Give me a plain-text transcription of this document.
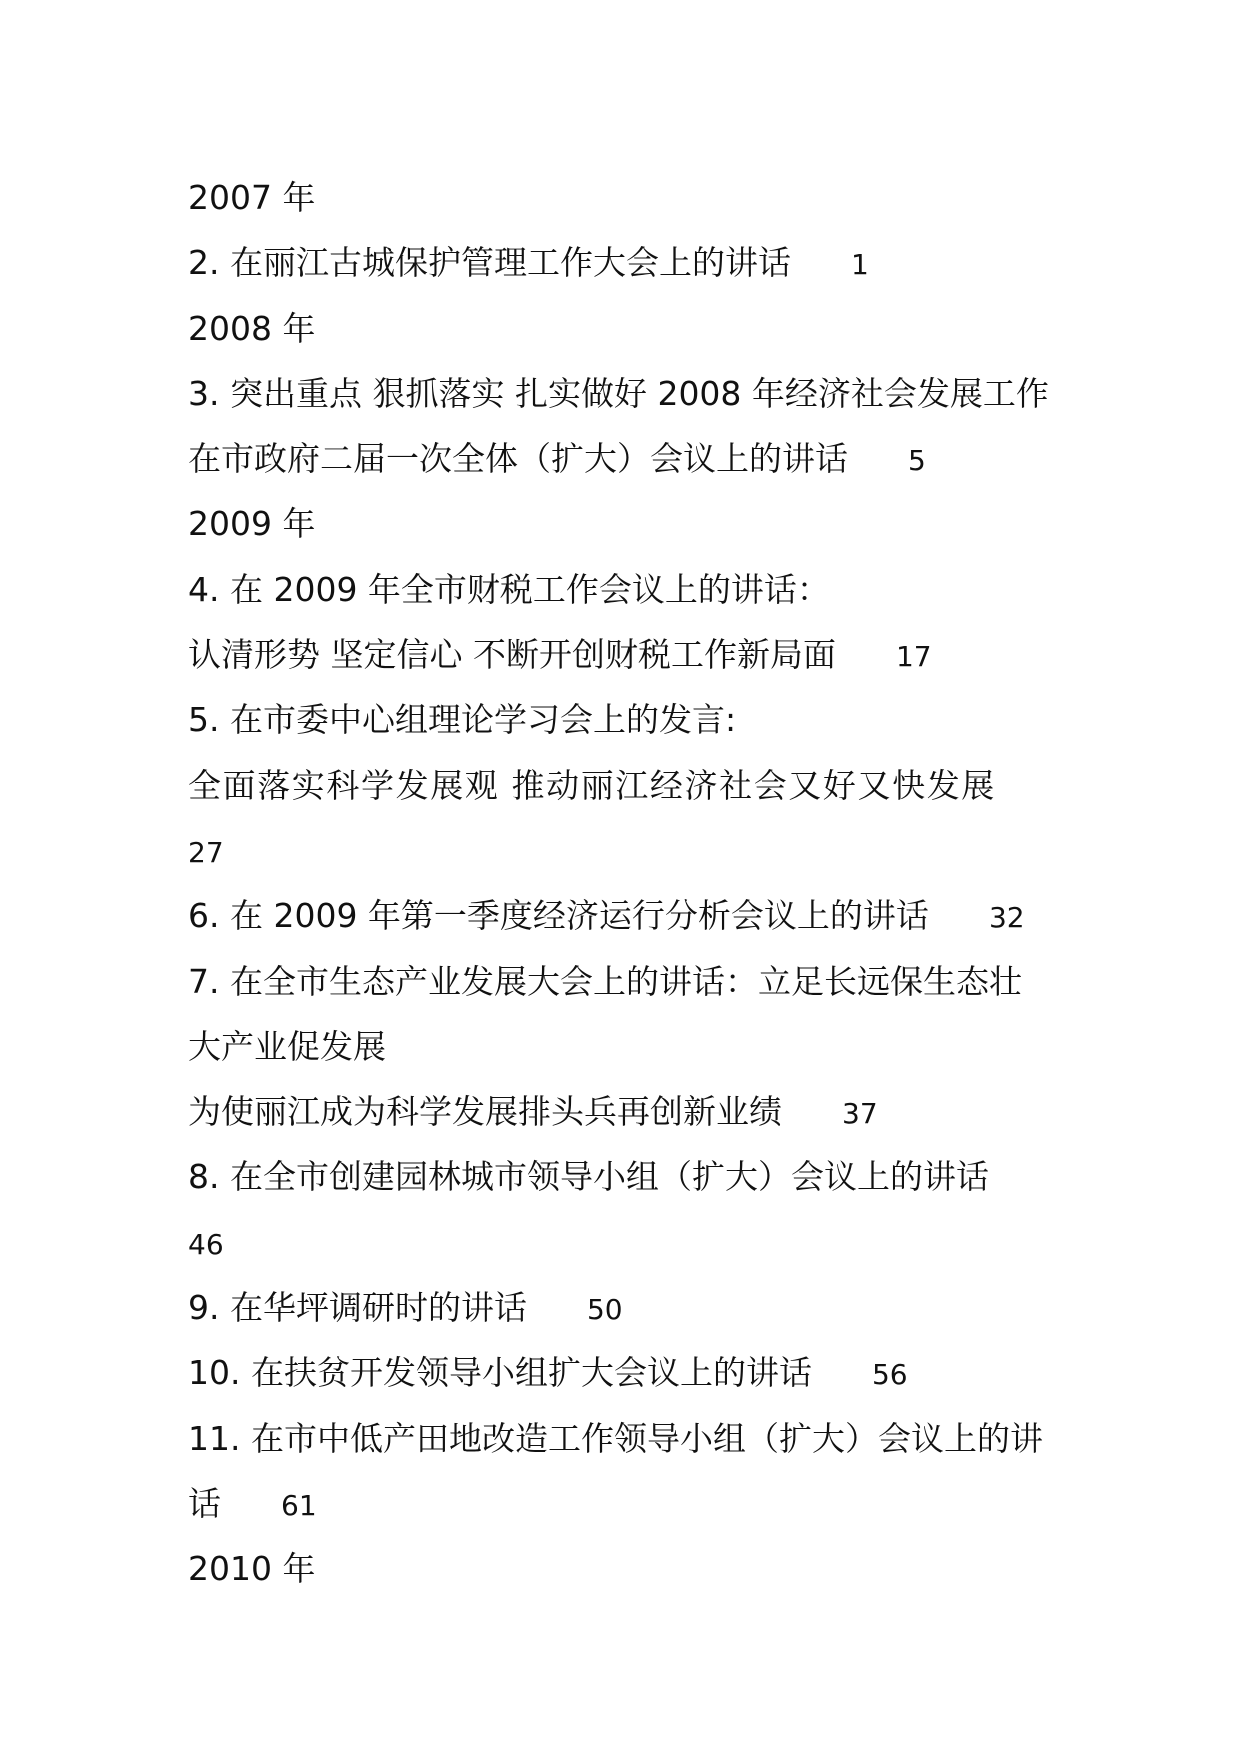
2007 年
2. 在丽江古城保护管理工作大会上的讲话 1
2008 年
3. 突出重点 狠抓落实 扎实做好 2008 年经济社会发展工作
在市政府二届一次全体（扩大）会议上的讲话 5
2009 年
4. 在 2009 年全市财税工作会议上的讲话：
认清形势 坚定信心 不断开创财税工作新局面 17
5. 在市委中心组理论学习会上的发言:
全面落实科学发展观 推动丽江经济社会又好又快发展
27
6. 在 2009 年第一季度经济运行分析会议上的讲话 32
7. 在全市生态产业发展大会上的讲话：立足长远保生态壮
大产业促发展
为使丽江成为科学发展排头兵再创新业绩 37
8. 在全市创建园林城市领导小组（扩大）会议上的讲话
46
9. 在华坪调研时的讲话 50
10. 在扶贫开发领导小组扩大会议上的讲话 56
11. 在市中低产田地改造工作领导小组（扩大）会议上的讲
话 61
2010 年
